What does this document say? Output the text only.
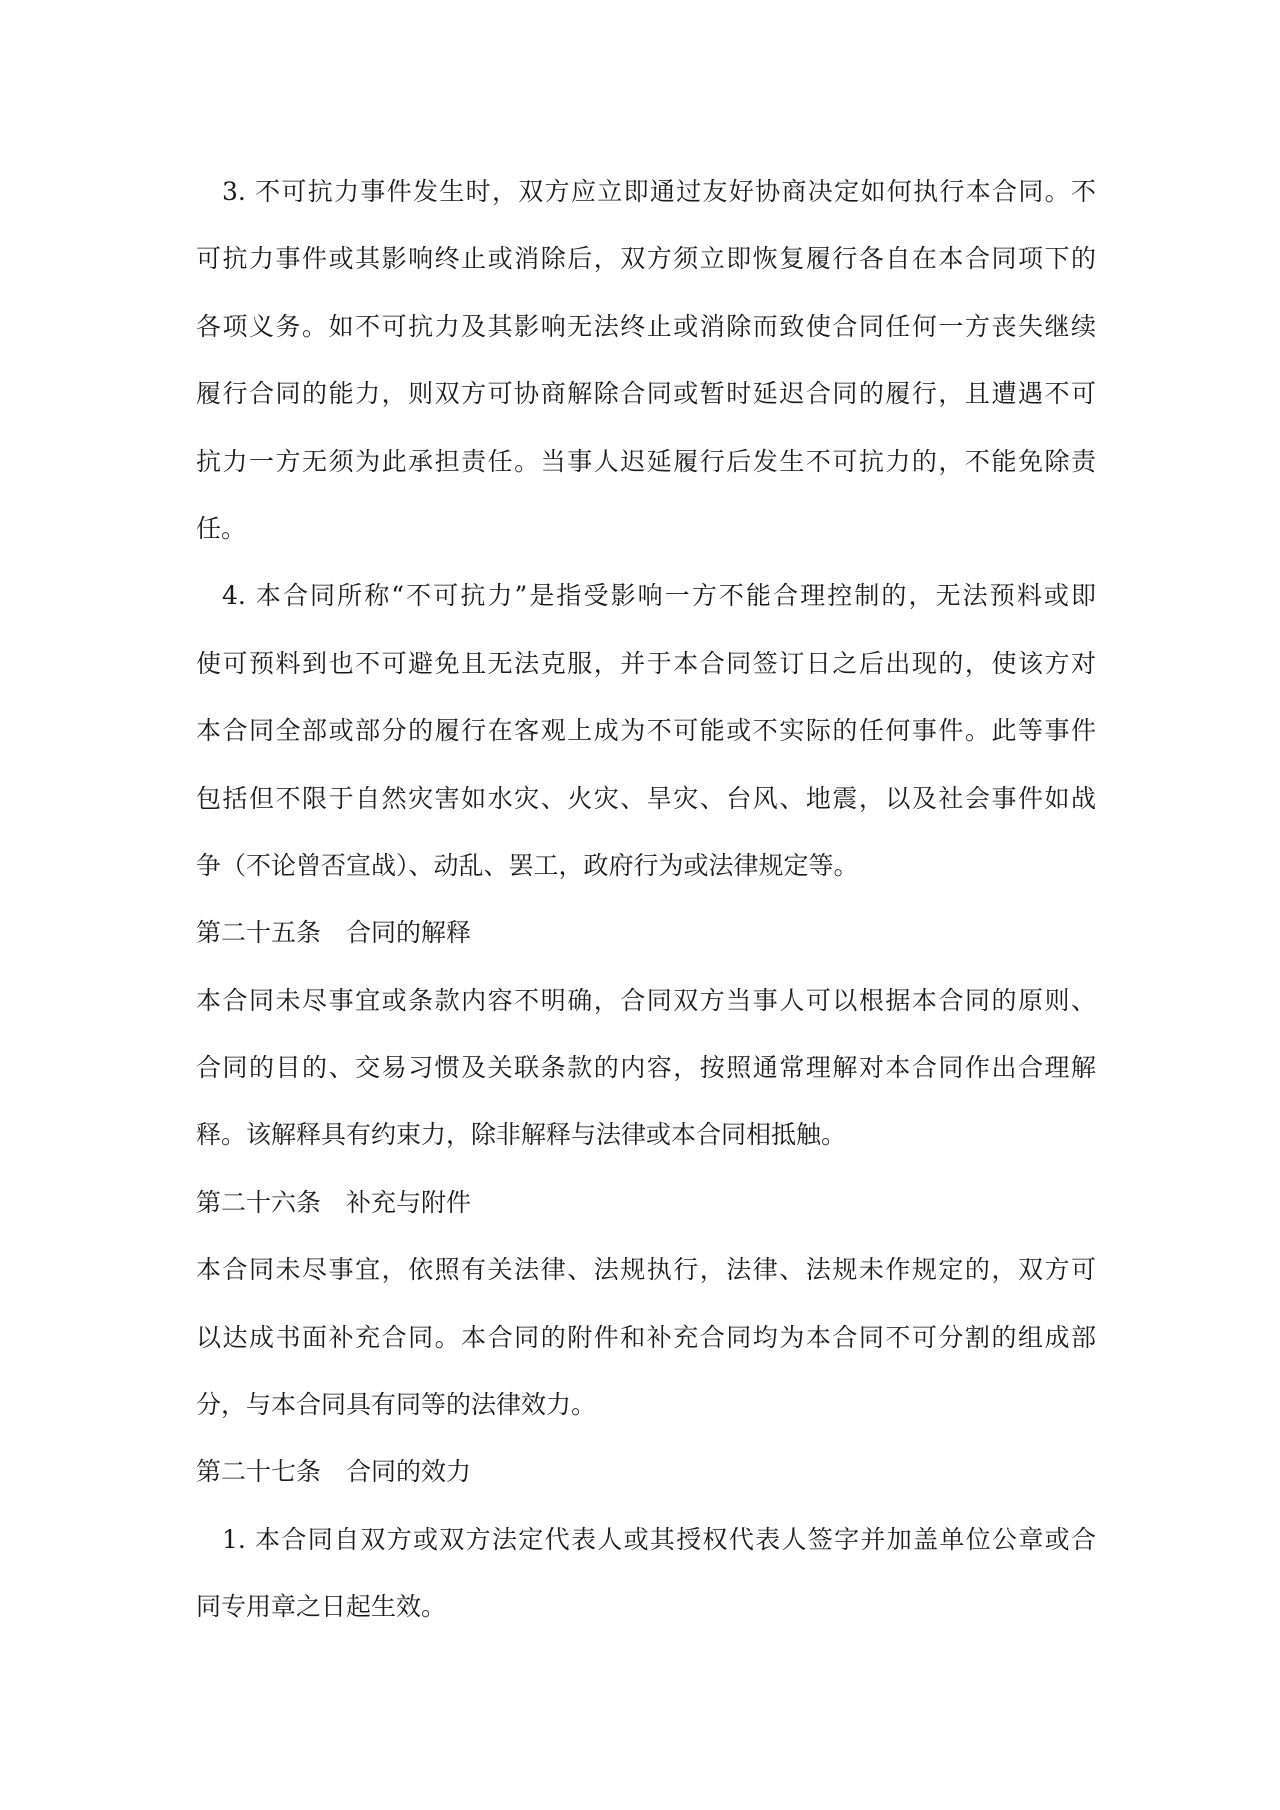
3. 不可抗力事件发生时，双方应立即通过友好协商决定如何执行本合同。不
可抗力事件或其影响终止或消除后，双方须立即恢复履行各自在本合同项下的
各项义务。如不可抗力及其影响无法终止或消除而致使合同任何一方丧失继续
履行合同的能力，则双方可协商解除合同或暂时延迟合同的履行，且遭遇不可
抗力一方无须为此承担责任。当事人迟延履行后发生不可抗力的，不能免除责
任。
4. 本合同所称“不可抗力”是指受影响一方不能合理控制的，无法预料或即
使可预料到也不可避免且无法克服，并于本合同签订日之后出现的，使该方对
本合同全部或部分的履行在客观上成为不可能或不实际的任何事件。此等事件
包括但不限于自然灾害如水灾、火灾、旱灾、台风、地震，以及社会事件如战
争（不论曾否宣战）、动乱、罢工，政府行为或法律规定等。
第二十五条　合同的解释
本合同未尽事宜或条款内容不明确，合同双方当事人可以根据本合同的原则、
合同的目的、交易习惯及关联条款的内容，按照通常理解对本合同作出合理解
释。该解释具有约束力，除非解释与法律或本合同相抵触。
第二十六条　补充与附件
本合同未尽事宜，依照有关法律、法规执行，法律、法规未作规定的，双方可
以达成书面补充合同。本合同的附件和补充合同均为本合同不可分割的组成部
分，与本合同具有同等的法律效力。
第二十七条　合同的效力
1. 本合同自双方或双方法定代表人或其授权代表人签字并加盖单位公章或合
同专用章之日起生效。
